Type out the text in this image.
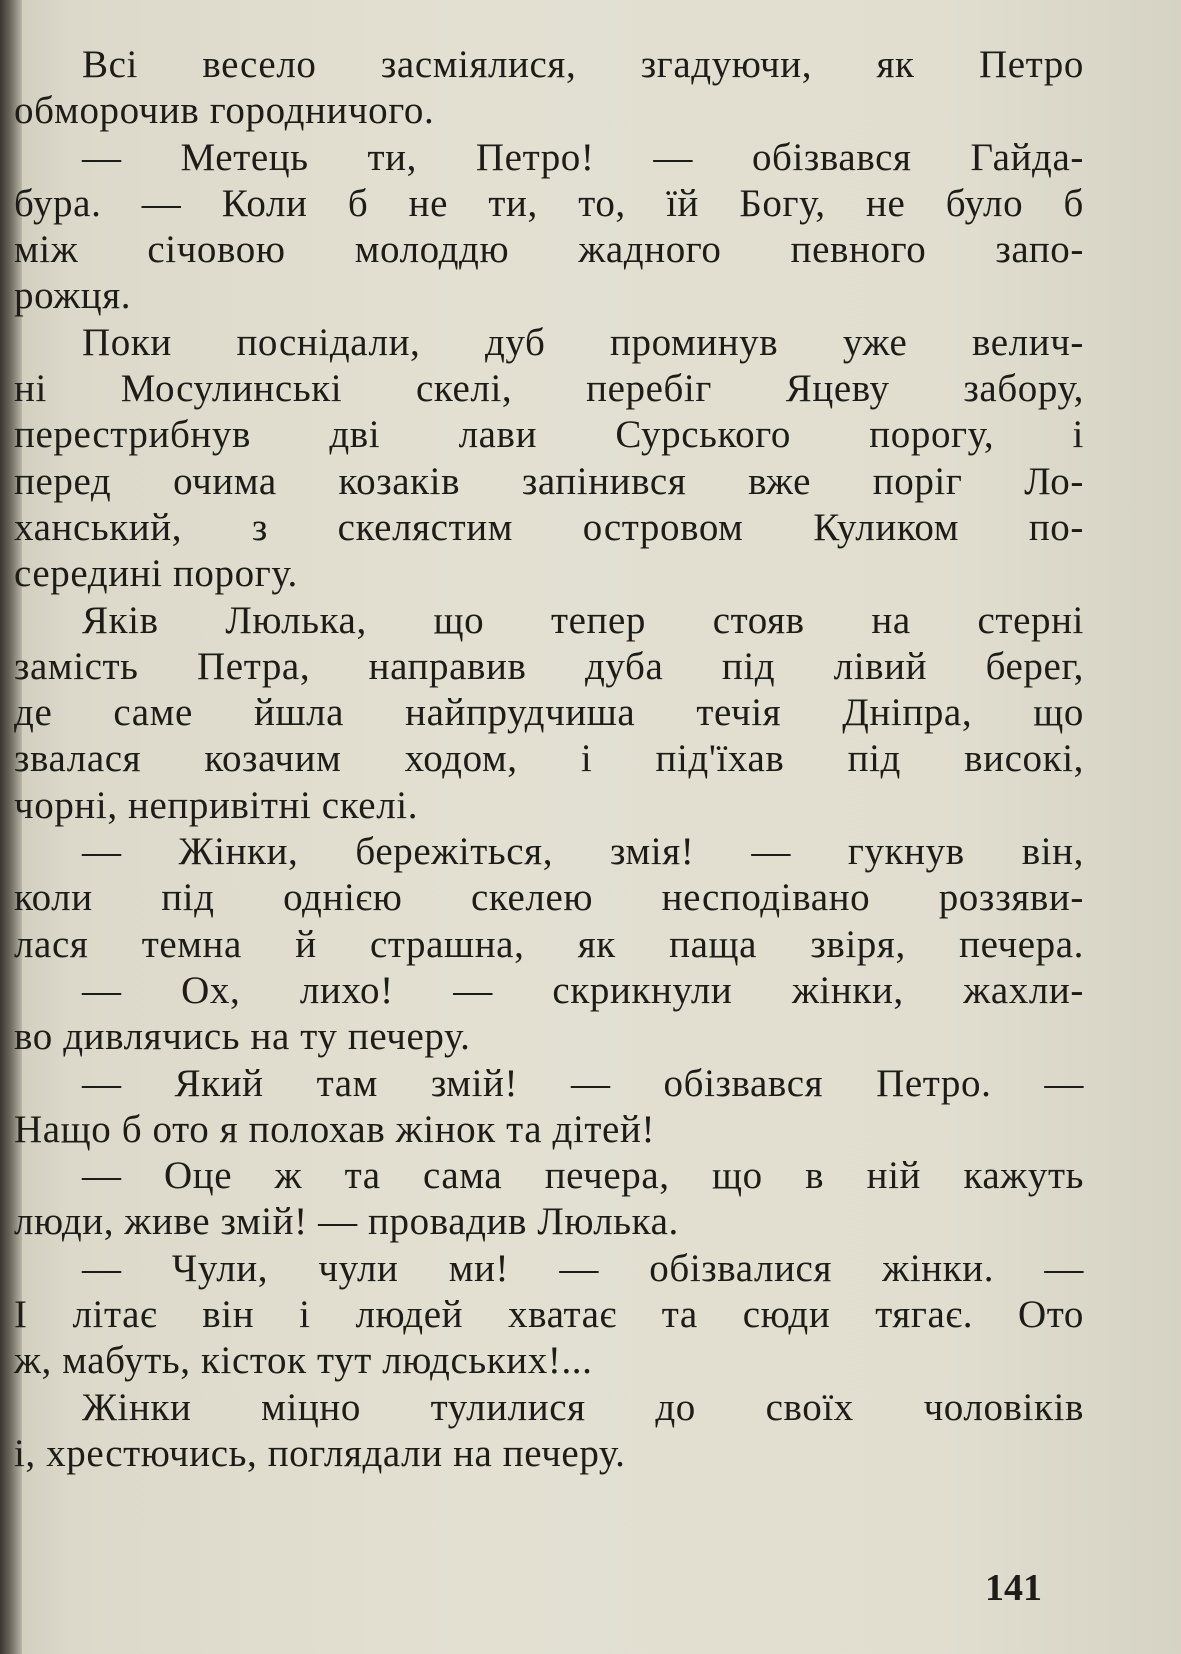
Всі весело засміялися, згадуючи, як Петро
обморочив городничого.
— Метець ти, Петро! — обізвався Гайда-
бура. — Коли б не ти, то, їй Богу, не було б
між січовою молоддю жадного певного запо-
рожця.
Поки поснідали, дуб проминув уже велич-
ні Мосулинські скелі, перебіг Яцеву забору,
перестрибнув дві лави Сурського порогу, і
перед очима козаків запінився вже поріг Ло-
ханський, з скелястим островом Куликом по-
середині порогу.
Яків Люлька, що тепер стояв на стерні
замість Петра, направив дуба під лівий берег,
де саме йшла найпрудчиша течія Дніпра, що
звалася козачим ходом, і під'їхав під високі,
чорні, непривітні скелі.
— Жінки, бережіться, змія! — гукнув він,
коли під однією скелею несподівано роззяви-
лася темна й страшна, як паща звіря, печера.
— Ох, лихо! — скрикнули жінки, жахли-
во дивлячись на ту печеру.
— Який там змій! — обізвався Петро. —
Нащо б ото я полохав жінок та дітей!
— Оце ж та сама печера, що в ній кажуть
люди, живе змій! — провадив Люлька.
— Чули, чули ми! — обізвалися жінки. —
І літає він і людей хватає та сюди тягає. Ото
ж, мабуть, кісток тут людських!...
Жінки міцно тулилися до своїх чоловіків
і, хрестючись, поглядали на печеру.
141
